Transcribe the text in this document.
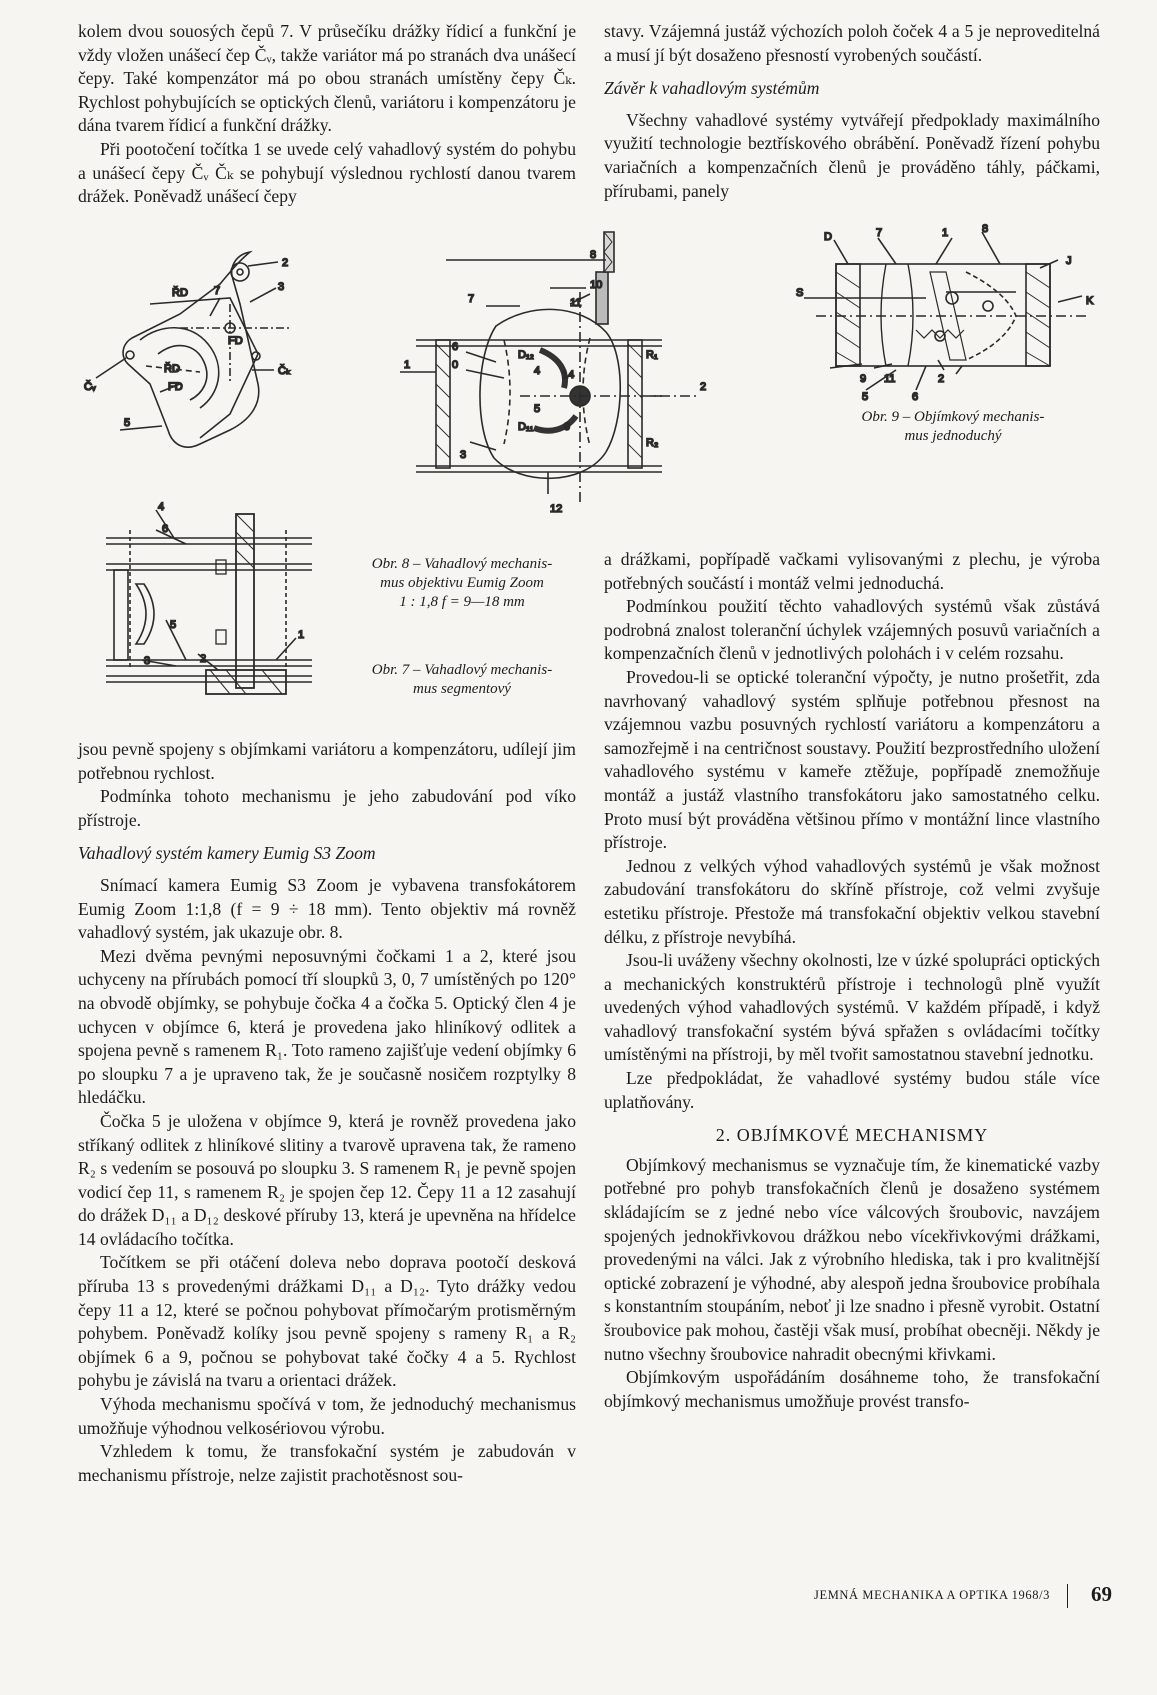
kolem dvou souosých čepů 7. V průsečíku drážky řídicí a funkční je vždy vložen unášecí čep Čᵥ, takže variátor má po stranách dva unášecí čepy. Také kompenzátor má po obou stranách umístěny čepy Čₖ. Rychlost pohybujících se optických členů, variátoru i kompenzátoru je dána tvarem řídicí a funkční drážky.

Při pootočení točítka 1 se uvede celý vahadlový systém do pohybu a unášecí čepy Čᵥ Čₖ se pohybují výslednou rychlostí danou tvarem drážek. Poněvadž unášecí čepy

stavy. Vzájemná justáž výchozích poloh čoček 4 a 5 je neproveditelná a musí jí být dosaženo přesností vyrobených součástí.

Závěr k vahadlovým systémům

Všechny vahadlové systémy vytvářejí předpoklady maximálního využití technologie beztřískového obrábění. Poněvadž řízení pohybu variačních a kompenzačních členů je prováděno táhly, páčkami, přírubami, panely

2
3
ŘD 7
FD
Čᵥ
ŘD	Čₖ
FD
5
4
6
5
3	2
1
8
10
11
7
6
0
D₁₂
4 14
R₁
1
5
D₁₁	9
3
R₂
2
12
D	7	1	8
S
J
K
9 11	2
5	6
Obr. 8 – Vahadlový mechanis-
mus objektivu Eumig Zoom
1 : 1,8 f = 9—18 mm
Obr. 7 – Vahadlový mechanis-
mus segmentový
Obr. 9 – Objímkový mechanis-
mus jednoduchý

jsou pevně spojeny s objímkami variátoru a kompenzátoru, udílejí jim potřebnou rychlost.

Podmínka tohoto mechanismu je jeho zabudování pod víko přístroje.

Vahadlový systém kamery Eumig S3 Zoom

Snímací kamera Eumig S3 Zoom je vybavena transfokátorem Eumig Zoom 1:1,8 (f = 9 ÷ 18 mm). Tento objektiv má rovněž vahadlový systém, jak ukazuje obr. 8.

Mezi dvěma pevnými neposuvnými čočkami 1 a 2, které jsou uchyceny na přírubách pomocí tří sloupků 3, 0, 7 umístěných po 120° na obvodě objímky, se pohybuje čočka 4 a čočka 5. Optický člen 4 je uchycen v objímce 6, která je provedena jako hliníkový odlitek a spojena pevně s ramenem R₁. Toto rameno zajišťuje vedení objímky 6 po sloupku 7 a je upraveno tak, že je současně nosičem rozptylky 8 hledáčku.

Čočka 5 je uložena v objímce 9, která je rovněž provedena jako stříkaný odlitek z hliníkové slitiny a tvarově upravena tak, že rameno R₂ s vedením se posouvá po sloupku 3. S ramenem R₁ je pevně spojen vodicí čep 11, s ramenem R₂ je spojen čep 12. Čepy 11 a 12 zasahují do drážek D₁₁ a D₁₂ deskové příruby 13, která je upevněna na hřídelce 14 ovládacího točítka.

Točítkem se při otáčení doleva nebo doprava pootočí desková příruba 13 s provedenými drážkami D₁₁ a D₁₂. Tyto drážky vedou čepy 11 a 12, které se počnou pohybovat přímočarým protisměrným pohybem. Poněvadž kolíky jsou pevně spojeny s rameny R₁ a R₂ objímek 6 a 9, počnou se pohybovat také čočky 4 a 5. Rychlost pohybu je závislá na tvaru a orientaci drážek.

Výhoda mechanismu spočívá v tom, že jednoduchý mechanismus umožňuje výhodnou velkosériovou výrobu.

Vzhledem k tomu, že transfokační systém je zabudován v mechanismu přístroje, nelze zajistit prachotěsnost sou-

a drážkami, popřípadě vačkami vylisovanými z plechu, je výroba potřebných součástí i montáž velmi jednoduchá.

Podmínkou použití těchto vahadlových systémů však zůstává podrobná znalost toleranční úchylek vzájemných posuvů variačních a kompenzačních členů v jednotlivých polohách i v celém rozsahu.

Provedou-li se optické toleranční výpočty, je nutno prošetřit, zda navrhovaný vahadlový systém splňuje potřebnou přesnost na vzájemnou vazbu posuvných rychlostí variátoru a kompenzátoru a samozřejmě i na centričnost soustavy. Použití bezprostředního uložení vahadlového systému v kameře ztěžuje, popřípadě znemožňuje montáž a justáž vlastního transfokátoru jako samostatného celku. Proto musí být prováděna většinou přímo v montážní lince vlastního přístroje.

Jednou z velkých výhod vahadlových systémů je však možnost zabudování transfokátoru do skříně přístroje, což velmi zvyšuje estetiku přístroje. Přestože má transfokační objektiv velkou stavební délku, z přístroje nevybíhá.

Jsou-li uváženy všechny okolnosti, lze v úzké spolupráci optických a mechanických konstruktérů přístroje i technologů plně využít uvedených výhod vahadlových systémů. V každém případě, i když vahadlový transfokační systém bývá spřažen s ovládacími točítky umístěnými na přístroji, by měl tvořit samostatnou stavební jednotku.

Lze předpokládat, že vahadlové systémy budou stále více uplatňovány.

2. OBJÍMKOVÉ MECHANISMY

Objímkový mechanismus se vyznačuje tím, že kinematické vazby potřebné pro pohyb transfokačních členů je dosaženo systémem skládajícím se z jedné nebo více válcových šroubovic, navzájem spojených jednokřivkovou drážkou nebo vícekřivkovými drážkami, provedenými na válci. Jak z výrobního hlediska, tak i pro kvalitnější optické zobrazení je výhodné, aby alespoň jedna šroubovice probíhala s konstantním stoupáním, neboť ji lze snadno i přesně vyrobit. Ostatní šroubovice pak mohou, častěji však musí, probíhat obecněji. Někdy je nutno všechny šroubovice nahradit obecnými křivkami.

Objímkovým uspořádáním dosáhneme toho, že transfokační objímkový mechanismus umožňuje provést transfo-

JEMNÁ MECHANIKA A OPTIKA 1968/3 69
